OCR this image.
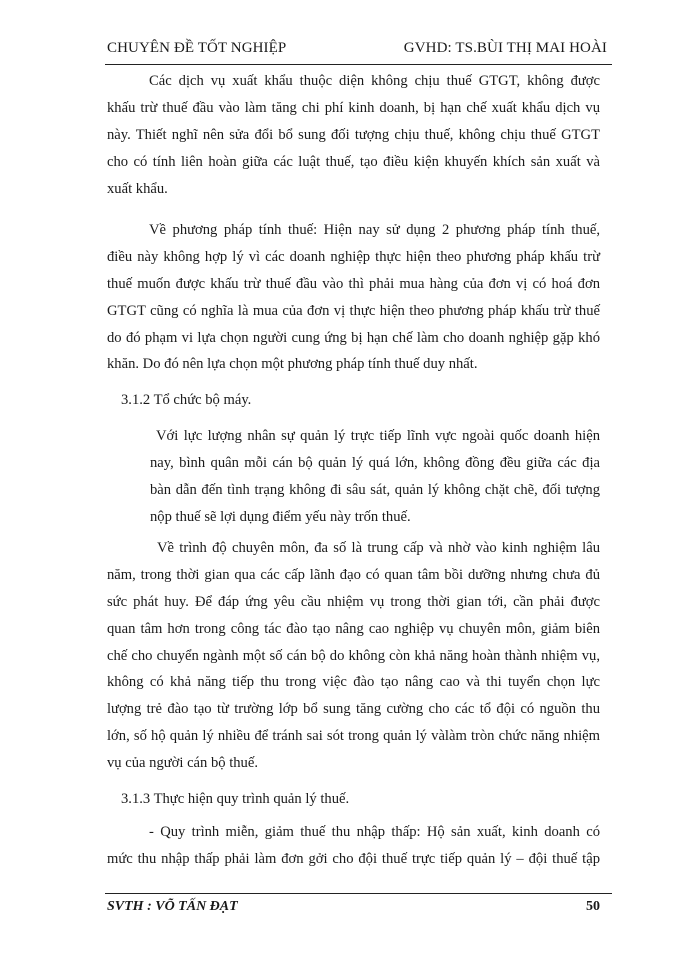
CHUYÊN ĐỀ TỐT NGHIỆP	GVHD: TS.BÙI THỊ MAI HOÀI
Các dịch vụ xuất khẩu thuộc diện không chịu thuế GTGT, không được
khấu trừ thuế đầu vào làm tăng chi phí kinh doanh, bị hạn chế xuất khẩu dịch vụ
này. Thiết nghĩ nên sửa đổi bổ sung đối tượng chịu thuế, không chịu thuế GTGT
cho có tính liên hoàn giữa các luật thuế, tạo điều kiện khuyến khích sản xuất và
xuất khẩu.
Về phương pháp tính thuế: Hiện nay sử dụng 2 phương pháp tính thuế,
điều này không hợp lý vì các doanh nghiệp thực hiện theo phương pháp khấu trừ
thuế muốn được khấu trừ thuế đầu vào thì phải mua hàng của đơn vị có hoá đơn
GTGT cũng có nghĩa là mua của đơn vị thực hiện theo phương pháp khấu trừ thuế
do đó phạm vi lựa chọn người cung ứng bị hạn chế làm cho doanh nghiệp gặp khó
khăn. Do đó nên lựa chọn một phương pháp tính thuế duy nhất.

3.1.2 Tổ chức bộ máy.

Với lực lượng nhân sự quản lý trực tiếp lĩnh vực ngoài quốc doanh hiện
nay, bình quân mỗi cán bộ quản lý quá lớn, không đồng đều giữa các địa
bàn dẫn đến tình trạng không đi sâu sát, quản lý không chặt chẽ, đối tượng
nộp thuế sẽ lợi dụng điểm yếu này trốn thuế.
Về trình độ chuyên môn, đa số là trung cấp và nhờ vào kinh nghiệm lâu
năm, trong thời gian qua các cấp lãnh đạo có quan tâm bồi dưỡng nhưng chưa đủ
sức phát huy. Để đáp ứng yêu cầu nhiệm vụ trong thời gian tới, cần phải được
quan tâm hơn trong công tác đào tạo nâng cao nghiệp vụ chuyên môn, giảm biên
chế cho chuyển ngành một số cán bộ do không còn khả năng hoàn thành nhiệm vụ,
không có khả năng tiếp thu trong việc đào tạo nâng cao và thi tuyển chọn lực
lượng trẻ đào tạo từ trường lớp bổ sung tăng cường cho các tổ đội có nguồn thu
lớn, số hộ quản lý nhiều để tránh sai sót trong quản lý vàlàm tròn chức năng nhiệm
vụ của người cán bộ thuế.

3.1.3 Thực hiện quy trình quản lý thuế.

- Quy trình miễn, giảm thuế thu nhập thấp: Hộ sản xuất, kinh doanh có
mức thu nhập thấp phải làm đơn gởi cho đội thuế trực tiếp quản lý – đội thuế tập
SVTH : VÕ TẤN ĐẠT	50
